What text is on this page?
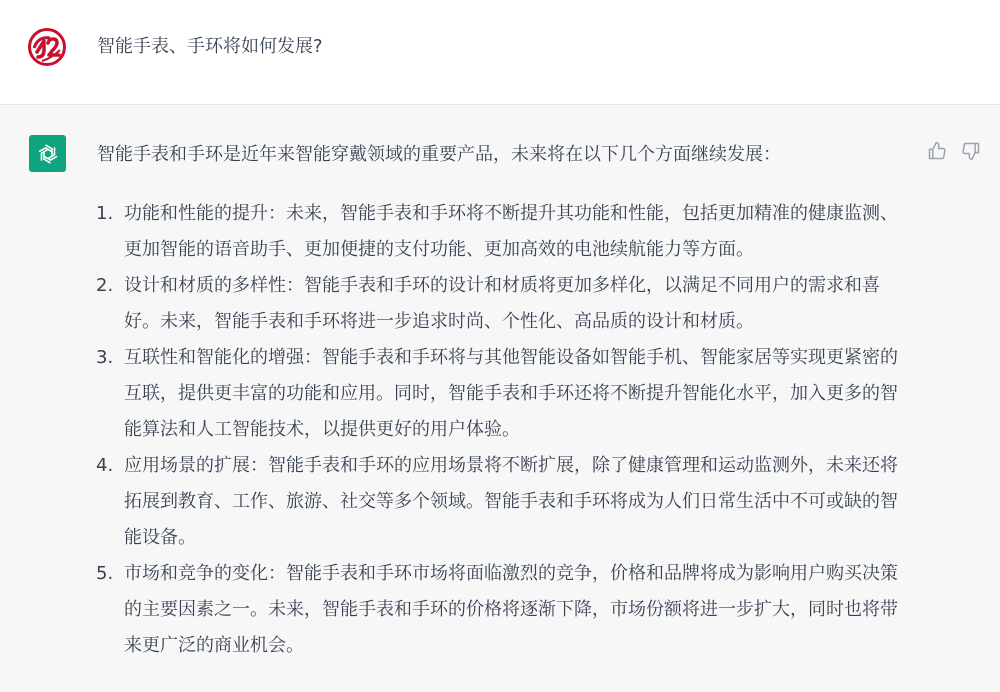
智能手表、手环将如何发展?
智能手表和手环是近年来智能穿戴领域的重要产品，未来将在以下几个方面继续发展：
1. 功能和性能的提升：未来，智能手表和手环将不断提升其功能和性能，包括更加精准的健康监测、更加智能的语音助手、更加便捷的支付功能、更加高效的电池续航能力等方面。
2. 设计和材质的多样性：智能手表和手环的设计和材质将更加多样化，以满足不同用户的需求和喜好。未来，智能手表和手环将进一步追求时尚、个性化、高品质的设计和材质。
3. 互联性和智能化的增强：智能手表和手环将与其他智能设备如智能手机、智能家居等实现更紧密的互联，提供更丰富的功能和应用。同时，智能手表和手环还将不断提升智能化水平，加入更多的智能算法和人工智能技术，以提供更好的用户体验。
4. 应用场景的扩展：智能手表和手环的应用场景将不断扩展，除了健康管理和运动监测外，未来还将拓展到教育、工作、旅游、社交等多个领域。智能手表和手环将成为人们日常生活中不可或缺的智能设备。
5. 市场和竞争的变化：智能手表和手环市场将面临激烈的竞争，价格和品牌将成为影响用户购买决策的主要因素之一。未来，智能手表和手环的价格将逐渐下降，市场份额将进一步扩大，同时也将带来更广泛的商业机会。
